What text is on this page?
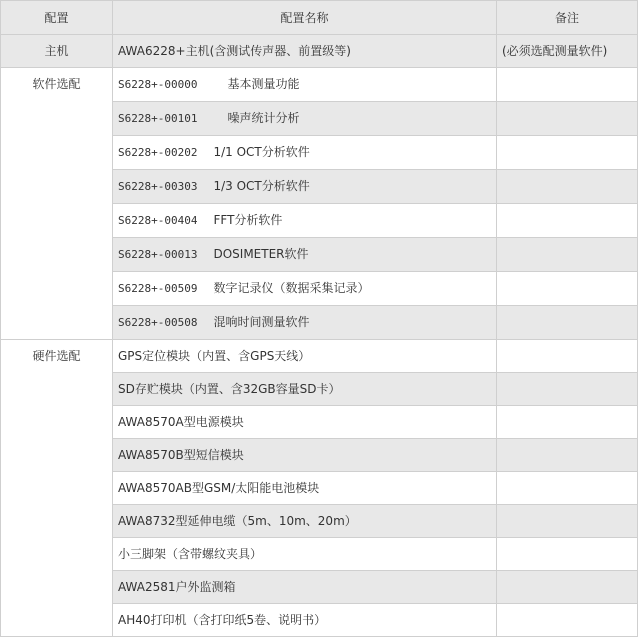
配置	配置名称	备注
主机	AWA6228+主机(含测试传声器、前置级等)	(必须选配测量软件)
软件选配	S6228+-00000 基本测量功能	
	S6228+-00101 噪声统计分析	
	S6228+-00202 1/1 OCT分析软件	
	S6228+-00303 1/3 OCT分析软件	
	S6228+-00404 FFT分析软件	
	S6228+-00013 DOSIMETER软件	
	S6228+-00509 数字记录仪（数据采集记录）	
	S6228+-00508 混响时间测量软件	
硬件选配	GPS定位模块（内置、含GPS天线）	
	SD存贮模块（内置、含32GB容量SD卡）	
	AWA8570A型电源模块	
	AWA8570B型短信模块	
	AWA8570AB型GSM/太阳能电池模块	
	AWA8732型延伸电缆（5m、10m、20m）	
	小三脚架（含带螺纹夹具）	
	AWA2581户外监测箱	
	AH40打印机（含打印纸5卷、说明书）	
